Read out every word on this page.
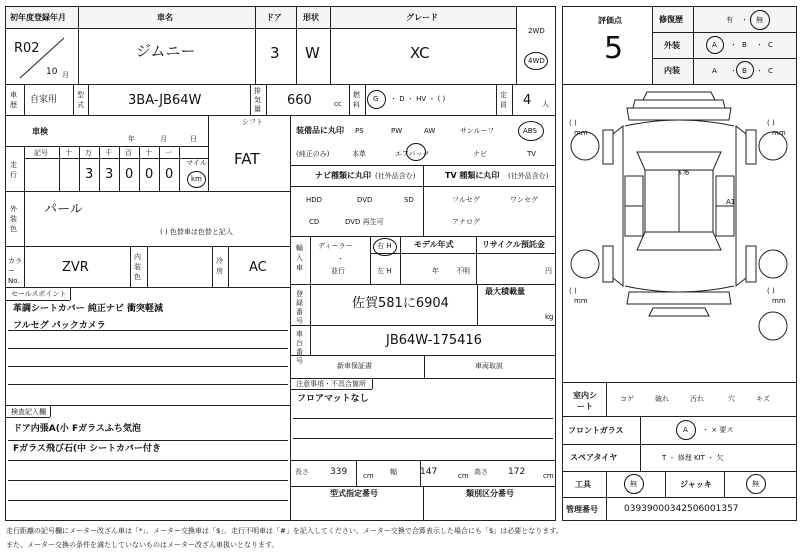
初年度登録年月	車名	ドア	形状	グレード
R02
10 月
ジムニー	3 W	XC
2WD
4WD
車歴 自家用	型式	3BA-JB64W
排気量
660	cc
燃料
G ・ D ・ HV ・ ( )	定員 4 人
車検
年	月	日
シフト
FAT
走行
記号 十 万 千 百 十 一
3 3 0 0 0
マイル
km
外装色
パール
( ) 色替車は色替と記入
カラーNo.
ZVR
内装色
冷房 AC
セールスポイント
革調シートカバー 純正ナビ 衝突軽減
フルセグ パックカメラ
検査記入欄
ドア内張A(小 Fガラスふち気泡
Fガラス飛び石(中 シートカバー付き
装備品に丸印
(純正のみ)
PS	PW	AW	サンルーフ	ABS
本革	エアバック	ナビ	TV
ナビ種類に丸印 (社外品含む)
HDD	DVD	SD
CD	DVD 再生可
TV 種類に丸印 (社外品含む)
フルセグ	ワンセグ
アナログ
輸入車
ディーラー
・
並行
右 H
左 H
モデル年式
年 不明
リサイクル預託金
円
登録番号
佐賀581に6904
最大積載量
kg
車台番号
JB64W-175416
新車保証書	車両取説
注意事項・不具合箇所
フロアマットなし
長さ 339 cm 幅	147	cm 高さ 172	cm
型式指定番号	類別区分番号
評価点
5
修復歴	有 ・ 無
外装	A ・ B ・ C
内装	A ・ B ・ C
( )
mm
( )
mm
( )
mm
( )
mm
ﾙﾌ6
A1
室内シート
コゲ	破れ	汚れ	穴	キズ
フロントガラス	A ・ × 要ス
スペアタイヤ	T ・ 修理 KIT ・ 欠
工具	無	ジャッキ	無
管理番号	03939000342506001357
走行距離の記号欄にメーター改ざん車は「*」、メーター交換車は「$」、走行不明車は「#」を記入してください。メーター交換で合算表示した場合にも「$」は必要となります。
また、メーター交換の条件を満たしていないものはメーター改ざん車扱いとなります。
